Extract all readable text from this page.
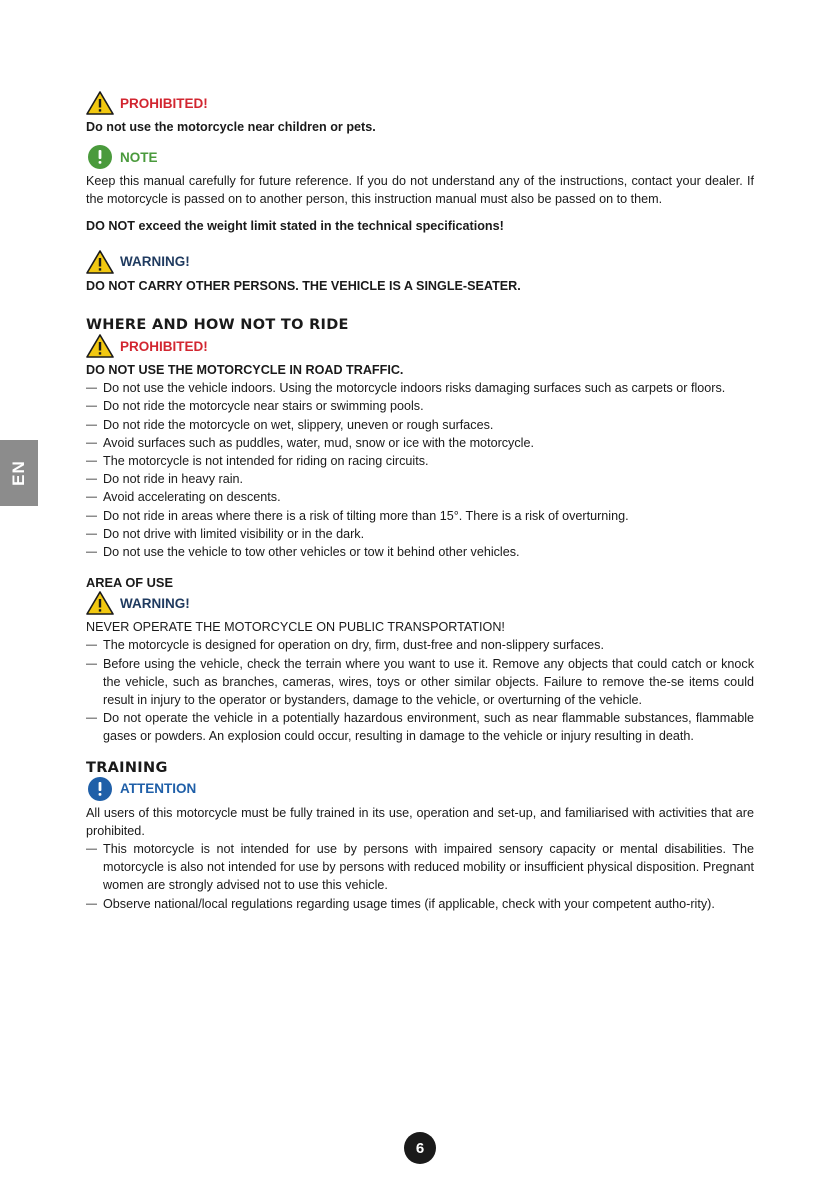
EN
PROHIBITED!

Do not use the motorcycle near children or pets.

NOTE

Keep this manual carefully for future reference. If you do not understand any of the instructions, contact your dealer. If the motorcycle is passed on to another person, this instruction manual must also be passed on to them.

DO NOT exceed the weight limit stated in the technical specifications!

WARNING!

DO NOT CARRY OTHER PERSONS. THE VEHICLE IS A SINGLE-SEATER.

WHERE AND HOW NOT TO RIDE
PROHIBITED!

DO NOT USE THE MOTORCYCLE IN ROAD TRAFFIC.

— Do not use the vehicle indoors. Using the motorcycle indoors risks damaging surfaces such as carpets or floors.
— Do not ride the motorcycle near stairs or swimming pools.
— Do not ride the motorcycle on wet, slippery, uneven or rough surfaces.
— Avoid surfaces such as puddles, water, mud, snow or ice with the motorcycle.
— The motorcycle is not intended for riding on racing circuits.
— Do not ride in heavy rain.
— Avoid accelerating on descents.
— Do not ride in areas where there is a risk of tilting more than 15°. There is a risk of overturning.
— Do not drive with limited visibility or in the dark.
— Do not use the vehicle to tow other vehicles or tow it behind other vehicles.
AREA OF USE
WARNING!

NEVER OPERATE THE MOTORCYCLE ON PUBLIC TRANSPORTATION!

— The motorcycle is designed for operation on dry, firm, dust-free and non-slippery surfaces.
— Before using the vehicle, check the terrain where you want to use it. Remove any objects that could catch or knock the vehicle, such as branches, cameras, wires, toys or other similar objects. Failure to remove the-se items could result in injury to the operator or bystanders, damage to the vehicle, or overturning of the vehicle.
— Do not operate the vehicle in a potentially hazardous environment, such as near flammable substances, flammable gases or powders. An explosion could occur, resulting in damage to the vehicle or injury resulting in death.
TRAINING
ATTENTION

All users of this motorcycle must be fully trained in its use, operation and set-up, and familiarised with activities that are prohibited.

— This motorcycle is not intended for use by persons with impaired sensory capacity or mental disabilities. The motorcycle is also not intended for use by persons with reduced mobility or insufficient physical disposition. Pregnant women are strongly advised not to use this vehicle.
— Observe national/local regulations regarding usage times (if applicable, check with your competent autho-rity).
6
